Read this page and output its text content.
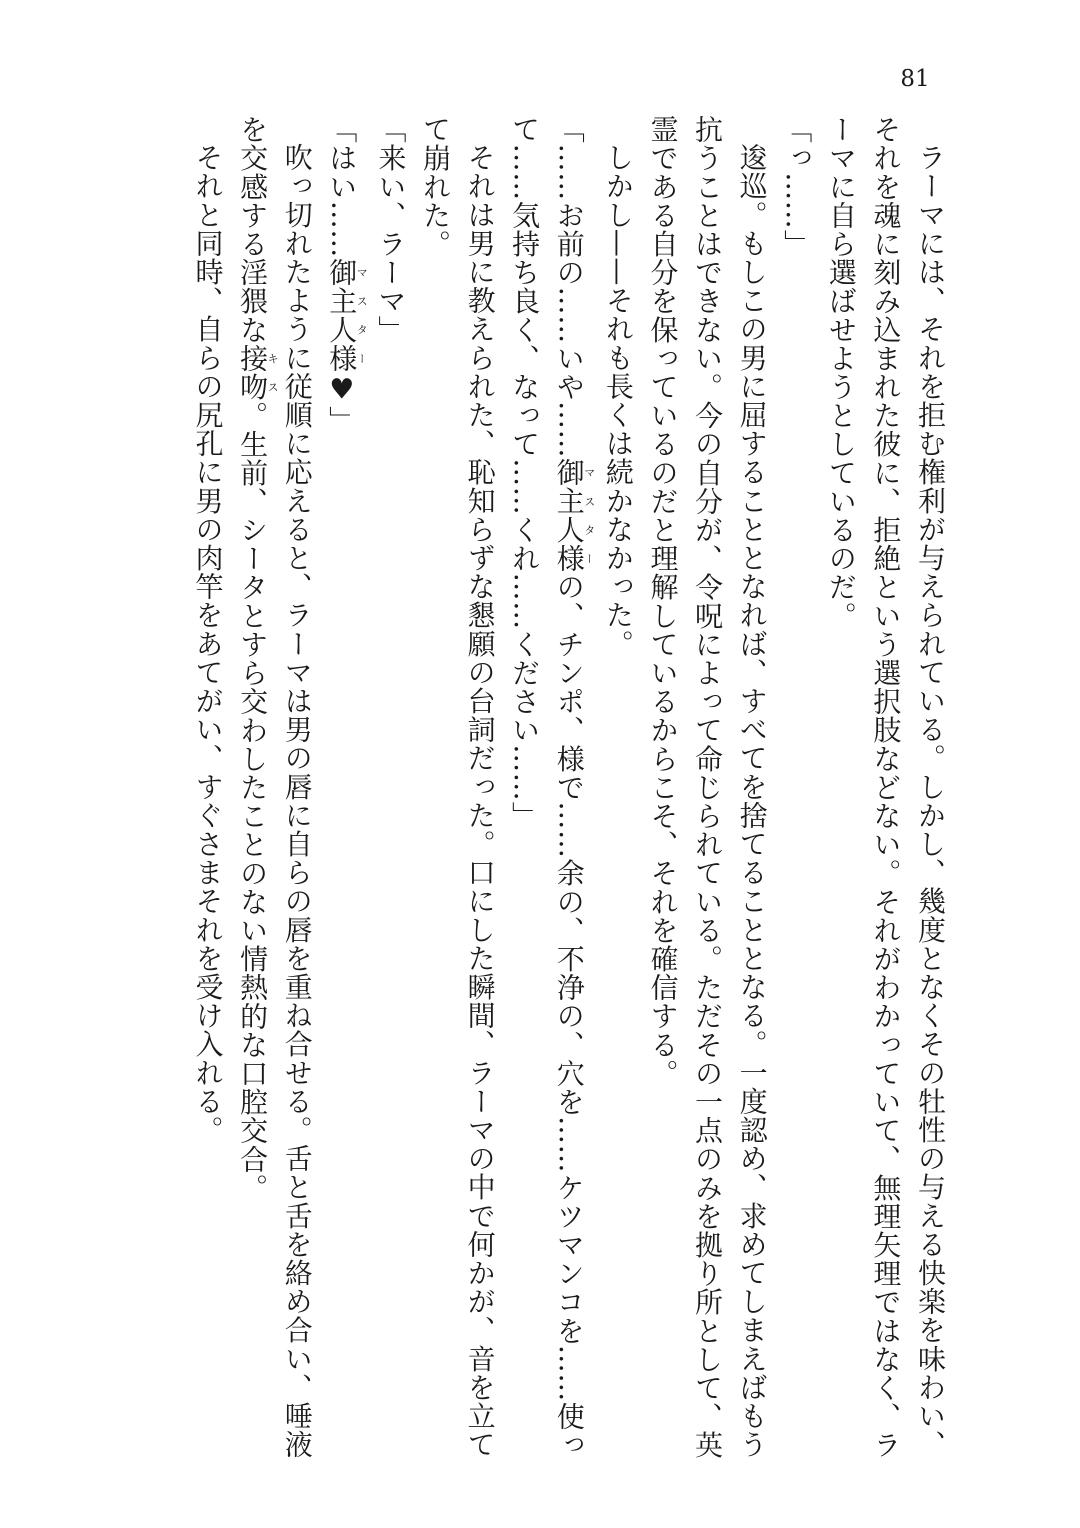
81

ラーマには、それを拒む権利が与えられている。しかし、幾度となくその牡性の与える快楽を味わい、それを魂に刻み込まれた彼に、拒絶という選択肢などない。それがわかっていて、無理矢理ではなく、ラーマに自ら選ばせようとしているのだ。

「っ……」

逡巡。もしこの男に屈することとなれば、すべてを捨てることとなる。一度認め、求めてしまえばもう抗うことはできない。今の自分が、令呪によって命じられている。ただその一点のみを拠り所として、英霊である自分を保っているのだと理解しているからこそ、それを確信する。

しかし——それも長くは続かなかった。

「……お前の……いや……御主人様マスターの、チンポ、様で……余の、不浄の、穴を……ケツマンコを……使って……気持ち良く、なって……くれ……ください……」

それは男に教えられた、恥知らずな懇願の台詞だった。口にした瞬間、ラーマの中で何かが、音を立てて崩れた。

「来い、ラーマ」

「はい……御主人様マスター♥」

吹っ切れたように従順に応えると、ラーマは男の唇に自らの唇を重ね合せる。舌と舌を絡め合い、唾液を交感する淫猥な接吻キス。生前、シータとすら交わしたことのない情熱的な口腔交合。

それと同時、自らの尻孔に男の肉竿をあてがい、すぐさまそれを受け入れる。
